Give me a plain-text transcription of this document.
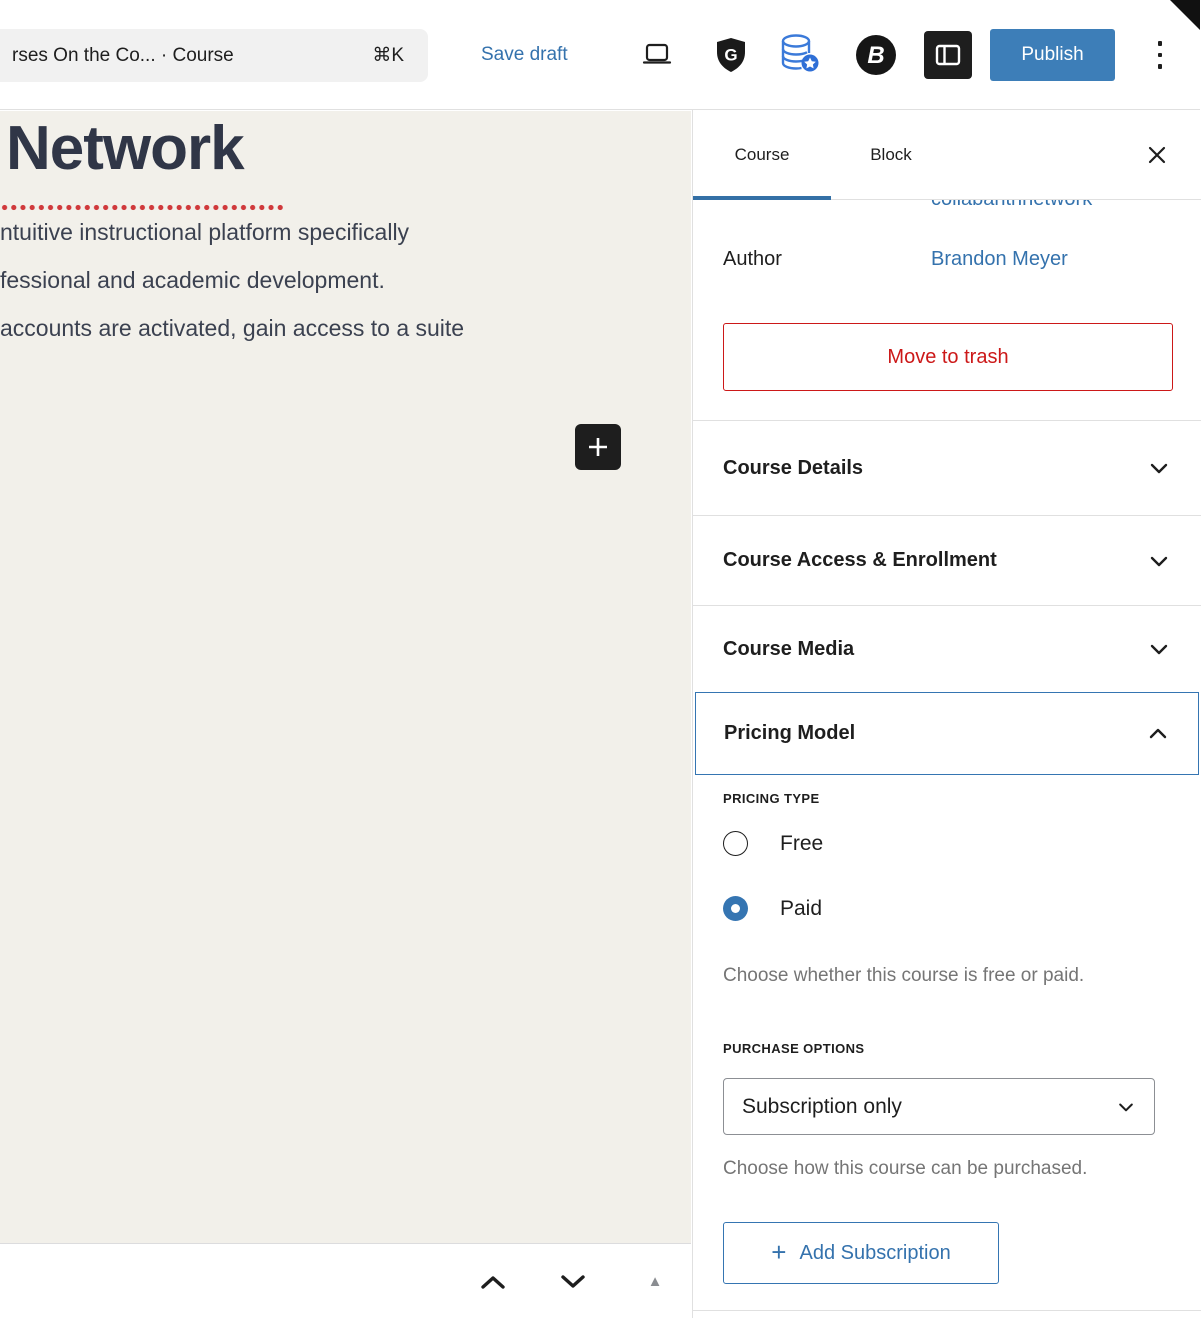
rses On the Co... · Course	⌘K	Save draft	G	B	Publish
Network

ntuitive instructional platform specifically

fessional and academic development.

accounts are activated, gain access to a suite

▲
Course	Block
Author	Brandon Meyer
Move to trash
Course Details
Course Access & Enrollment
Course Media
Pricing Model
PRICING TYPE
Free
Paid
Choose whether this course is free or paid.
PURCHASE OPTIONS
Subscription only
Choose how this course can be purchased.
+ Add Subscription
